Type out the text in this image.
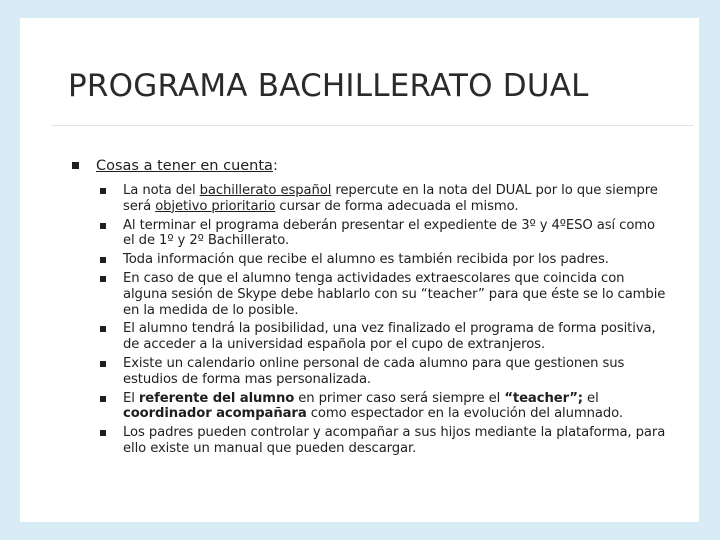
PROGRAMA BACHILLERATO DUAL
Cosas a tener en cuenta:
La nota del bachillerato español repercute en la nota del DUAL por lo que siempre será objetivo prioritario cursar de forma adecuada el mismo.
Al terminar el programa deberán presentar el expediente de 3º y 4ºESO así como el de 1º y 2º Bachillerato.
Toda información que recibe el alumno es también recibida por los padres.
En caso de que el alumno tenga actividades extraescolares que coincida con alguna sesión de Skype debe hablarlo con su “teacher” para que éste se lo cambie en la medida de lo posible.
El alumno tendrá la posibilidad, una vez finalizado el programa de forma positiva, de acceder a la universidad española por el cupo de extranjeros.
Existe un calendario online personal de cada alumno para que gestionen sus estudios de forma mas personalizada.
El referente del alumno en primer caso será siempre el “teacher”; el coordinador acompañara como espectador en la evolución del alumnado.
Los padres pueden controlar y acompañar a sus hijos mediante la plataforma, para ello existe un manual que pueden descargar.
